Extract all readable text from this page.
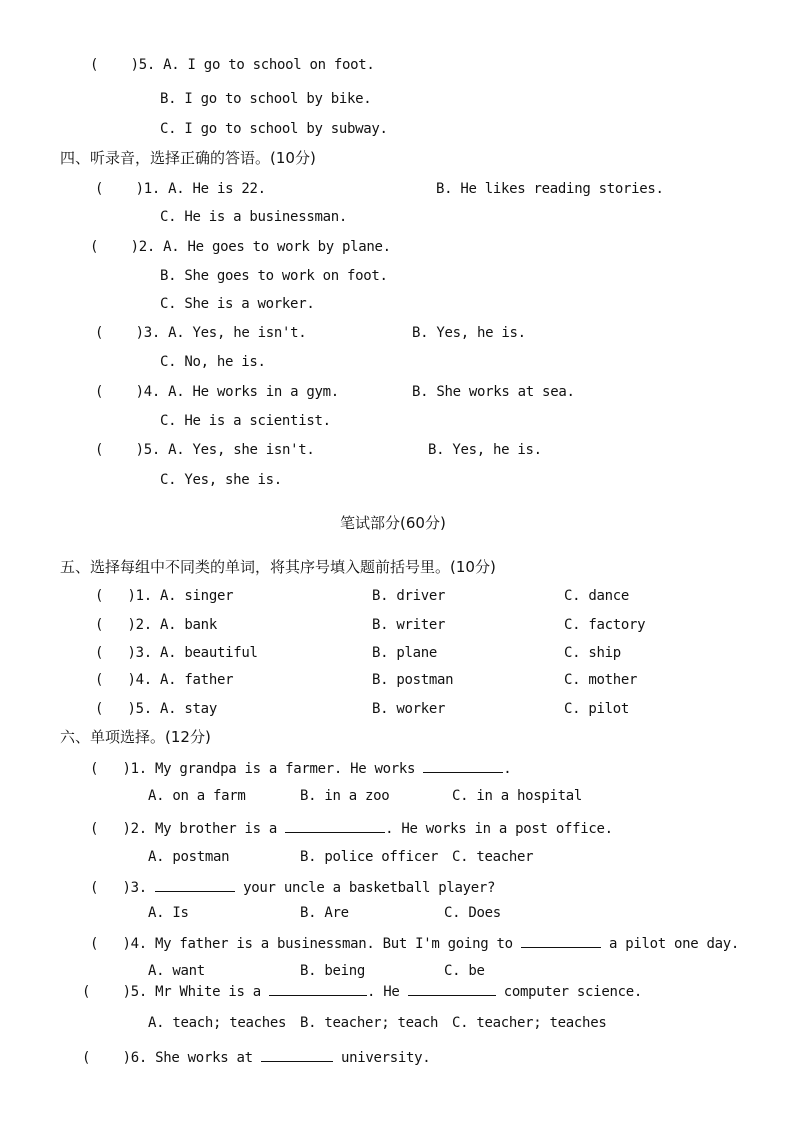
(    )5. A. I go to school on foot.
B. I go to school by bike.
C. I go to school by subway.
四、听录音，选择正确的答语。(10分)
(    )1. A. He is 22.	B. He likes reading stories.
C. He is a businessman.
(    )2. A. He goes to work by plane.
B. She goes to work on foot.
C. She is a worker.
(    )3. A. Yes, he isn't.	B. Yes, he is.
C. No, he is.
(    )4. A. He works in a gym.	B. She works at sea.
C. He is a scientist.
(    )5. A. Yes, she isn't.	B. Yes, he is.
C. Yes, she is.
笔试部分(60分)
五、选择每组中不同类的单词，将其序号填入题前括号里。(10分)
(   )1. A. singer	B. driver	C. dance
(   )2. A. bank	B. writer	C. factory
(   )3. A. beautiful	B. plane	C. ship
(   )4. A. father	B. postman	C. mother
(   )5. A. stay	B. worker	C. pilot
六、单项选择。(12分)
(   )1. My grandpa is a farmer. He works	.
A. on a farm	B. in a zoo	C. in a hospital
(   )2. My brother is a	. He works in a post office.
A. postman	B. police officer C. teacher
(   )3.	your uncle a basketball player?
A. Is	B. Are	C. Does
(   )4. My father is a businessman. But I'm going to	a pilot one day.
A. want	B. being	C. be
(    )5. Mr White is a	. He	computer science.
A. teach; teaches B. teacher; teach C. teacher; teaches
(    )6. She works at	university.
